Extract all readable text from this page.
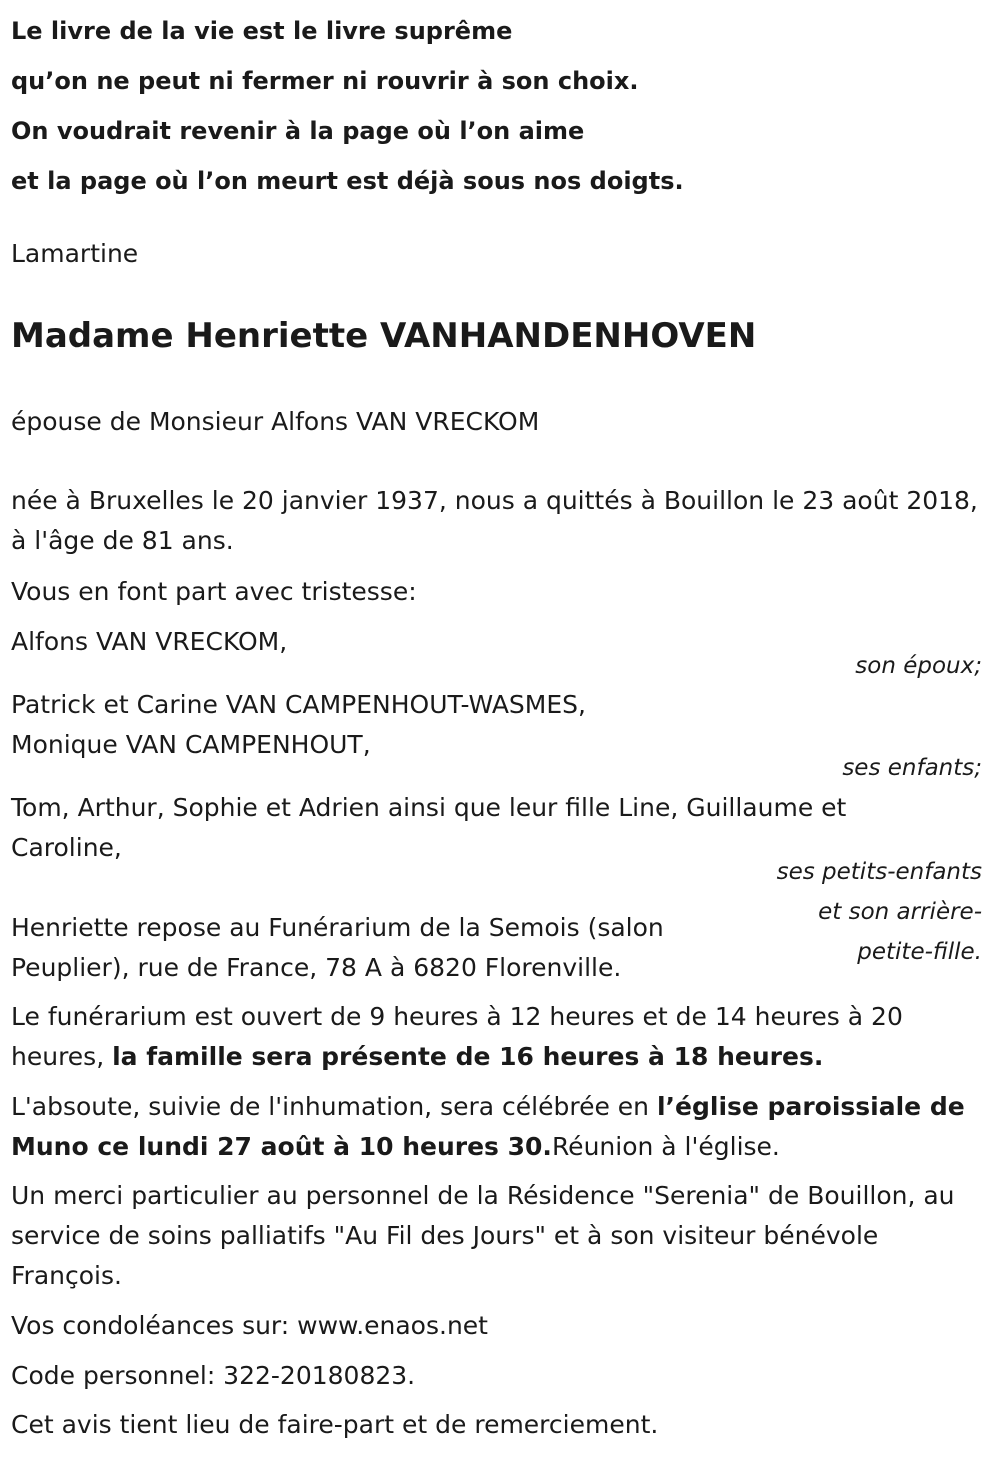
Le livre de la vie est le livre suprême
qu’on ne peut ni fermer ni rouvrir à son choix.
On voudrait revenir à la page où l’on aime
et la page où l’on meurt est déjà sous nos doigts.
Lamartine
Madame Henriette VANHANDENHOVEN
épouse de Monsieur Alfons VAN VRECKOM
née à Bruxelles le 20 janvier 1937, nous a quittés à Bouillon le 23 août 2018, à l'âge de 81 ans.
Vous en font part avec tristesse:
Alfons VAN VRECKOM,
son époux;
Patrick et Carine VAN CAMPENHOUT-WASMES,
Monique VAN CAMPENHOUT,
ses enfants;
Tom, Arthur, Sophie et Adrien ainsi que leur fille Line, Guillaume et Caroline,
ses petits-enfants
et son arrière-
petite-fille.
Henriette repose au Funérarium de la Semois (salon Peuplier), rue de France, 78 A à 6820 Florenville.
Le funérarium est ouvert de 9 heures à 12 heures et de 14 heures à 20 heures, la famille sera présente de 16 heures à 18 heures.
L'absoute, suivie de l'inhumation, sera célébrée en l’église paroissiale de Muno ce lundi 27 août à 10 heures 30.Réunion à l'église.
Un merci particulier au personnel de la Résidence "Serenia" de Bouillon, au service de soins palliatifs "Au Fil des Jours" et à son visiteur bénévole François.
Vos condoléances sur: www.enaos.net
Code personnel: 322-20180823.
Cet avis tient lieu de faire-part et de remerciement.
